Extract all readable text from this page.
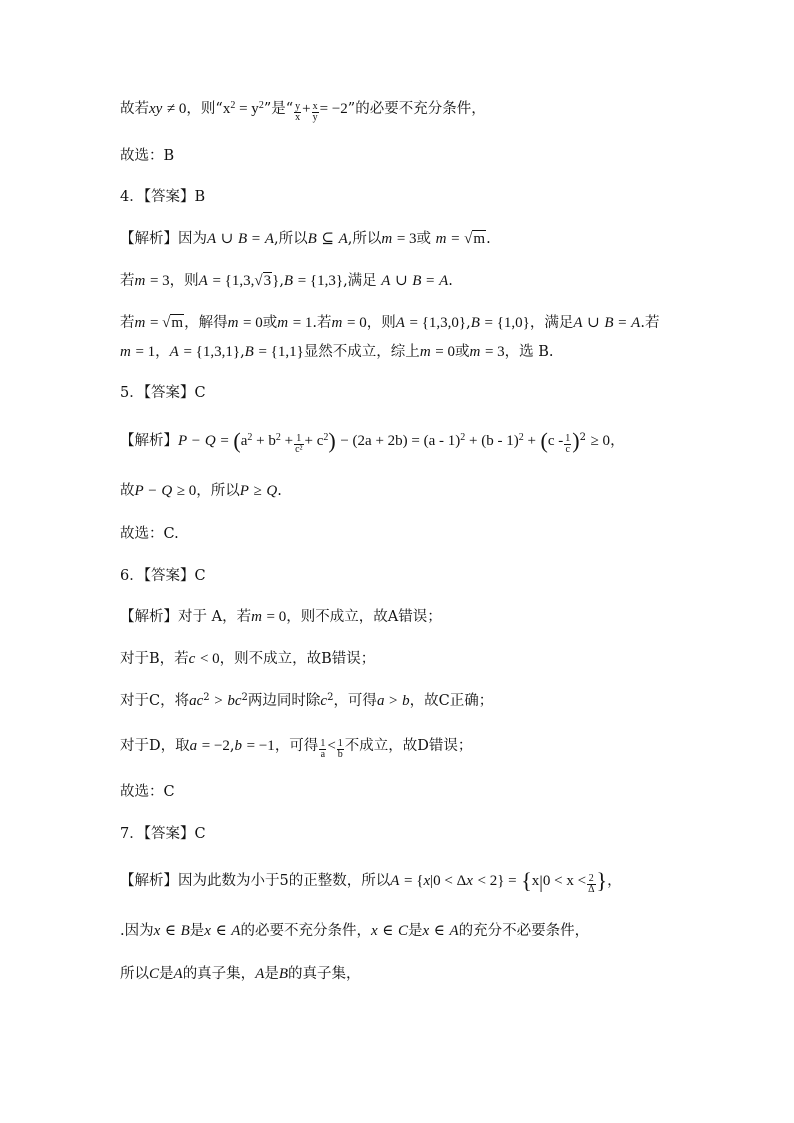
故若xy ≠ 0，则“$x^2 = y^2$”是“ $\frac{y}{x} + \frac{x}{y} = -2$”的必要不充分条件，
故选：B
4．【答案】B
【解析】因为A ∪ B = A,所以B ⊆ A,所以m = 3或 m = √m.
若m = 3，则A = {1,3,√3},B = {1,3},满足 A ∪ B = A.
若m = √m，解得m = 0或m = 1.若m = 0，则A = {1,3,0},B = {1,0}，满足A ∪ B = A.若
m = 1，A = {1,3,1},B = {1,1}显然不成立，综上m = 0或m = 3，选 B.
5．【答案】C
【解析】$P - Q = (a^2 + b^2 + \frac{1}{\text{c²}} + c^2) - (2a + 2b) = (a - 1)^2 + (b - 1)^2 + (c - \frac{1}{c} )^2 \ge 0$，
故P − Q ≥ 0，所以P ≥ Q.
故选：C.
6．【答案】C
【解析】对于 A，若m = 0，则不成立，故A错误；
对于B，若c < 0，则不成立，故B错误；
对于C，将$ac^2 > bc^2$两边同时除$c^2$，可得a > b，故C正确；
对于D，取a = −2,b = −1，可得 $\frac{1}{a} < \frac{1}{b}$ 不成立，故D错误；
故选：C
7．【答案】C
【解析】因为此数为小于5的正整数，所以$A = \{x|0 < \Delta x < 2\} = \{x|0 < x < \frac{2}{\Delta}$ }，
.因为x ∈ B是x ∈ A的必要不充分条件，x ∈ C是x ∈ A的充分不必要条件，
所以C是A的真子集，A是B的真子集，
